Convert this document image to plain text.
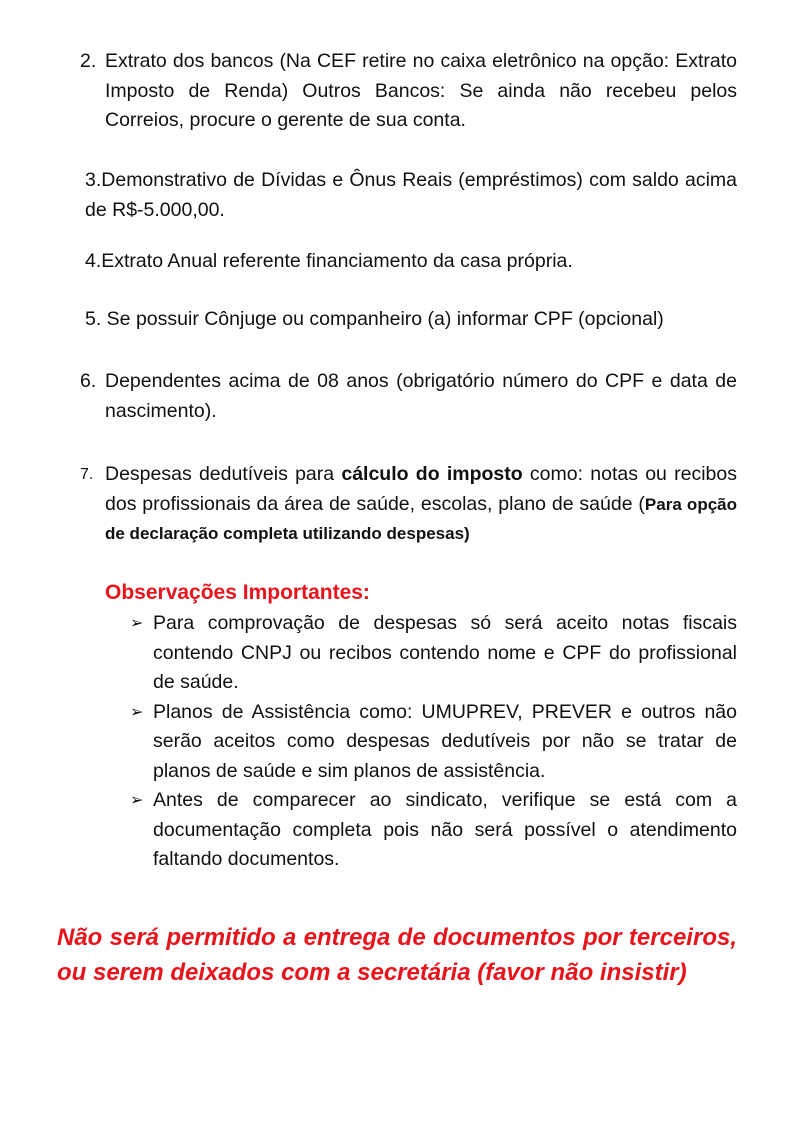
2. Extrato dos bancos (Na CEF retire no caixa eletrônico na opção: Extrato Imposto de Renda) Outros Bancos: Se ainda não recebeu pelos Correios, procure o gerente de sua conta.
3.Demonstrativo de Dívidas e Ônus Reais (empréstimos) com saldo acima de R$-5.000,00.
4.Extrato Anual referente financiamento da casa própria.
5. Se possuir Cônjuge ou companheiro (a) informar CPF (opcional)
6. Dependentes acima de 08 anos (obrigatório número do CPF e data de nascimento).
7. Despesas dedutíveis para cálculo do imposto como: notas ou recibos dos profissionais da área de saúde, escolas, plano de saúde (Para opção de declaração completa utilizando despesas)
Observações Importantes:
➢ Para comprovação de despesas só será aceito notas fiscais contendo CNPJ ou recibos contendo nome e CPF do profissional de saúde.
➢ Planos de Assistência como: UMUPREV, PREVER e outros não serão aceitos como despesas dedutíveis por não se tratar de planos de saúde e sim planos de assistência.
➢ Antes de comparecer ao sindicato, verifique se está com a documentação completa pois não será possível o atendimento faltando documentos.
Não será permitido a entrega de documentos por terceiros, ou serem deixados com a secretária (favor não insistir)
